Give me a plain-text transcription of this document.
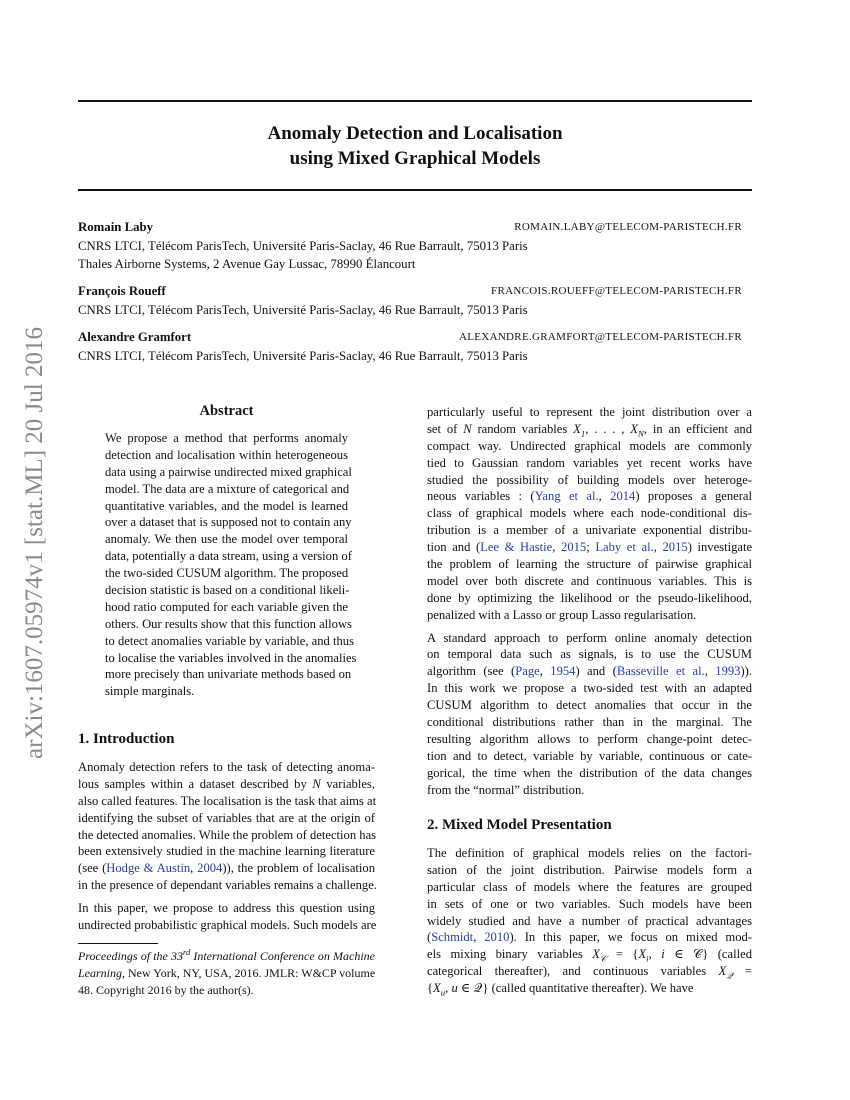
arXiv:1607.05974v1 [stat.ML] 20 Jul 2016
Anomaly Detection and Localisation
using Mixed Graphical Models
Romain Laby	ROMAIN.LABY@TELECOM-PARISTECH.FR
CNRS LTCI, Télécom ParisTech, Université Paris-Saclay, 46 Rue Barrault, 75013 Paris
Thales Airborne Systems, 2 Avenue Gay Lussac, 78990 Élancourt
François Roueff	FRANCOIS.ROUEFF@TELECOM-PARISTECH.FR
CNRS LTCI, Télécom ParisTech, Université Paris-Saclay, 46 Rue Barrault, 75013 Paris
Alexandre Gramfort	ALEXANDRE.GRAMFORT@TELECOM-PARISTECH.FR
CNRS LTCI, Télécom ParisTech, Université Paris-Saclay, 46 Rue Barrault, 75013 Paris
Abstract
We propose a method that performs anomaly
detection and localisation within heterogeneous
data using a pairwise undirected mixed graphical
model. The data are a mixture of categorical and
quantitative variables, and the model is learned
over a dataset that is supposed not to contain any
anomaly. We then use the model over temporal
data, potentially a data stream, using a version of
the two-sided CUSUM algorithm. The proposed
decision statistic is based on a conditional likeli-
hood ratio computed for each variable given the
others. Our results show that this function allows
to detect anomalies variable by variable, and thus
to localise the variables involved in the anomalies
more precisely than univariate methods based on
simple marginals.
1. Introduction
Anomaly detection refers to the task of detecting anoma-
lous samples within a dataset described by N variables,
also called features. The localisation is the task that aims at
identifying the subset of variables that are at the origin of
the detected anomalies. While the problem of detection has
been extensively studied in the machine learning literature
(see (Hodge & Austin, 2004)), the problem of localisation
in the presence of dependant variables remains a challenge.
In this paper, we propose to address this question using
undirected probabilistic graphical models. Such models are
Proceedings of the 33rd International Conference on Machine
Learning, New York, NY, USA, 2016. JMLR: W&CP volume
48. Copyright 2016 by the author(s).
particularly useful to represent the joint distribution over a
set of N random variables $X_1$, . . . , $X_N$, in an efficient and
compact way. Undirected graphical models are commonly
tied to Gaussian random variables yet recent works have
studied the possibility of building models over heteroge-
neous variables : (Yang et al., 2014) proposes a general
class of graphical models where each node-conditional dis-
tribution is a member of a univariate exponential distribu-
tion and (Lee & Hastie, 2015; Laby et al., 2015) investigate
the problem of learning the structure of pairwise graphical
model over both discrete and continuous variables. This is
done by optimizing the likelihood or the pseudo-likelihood,
penalized with a Lasso or group Lasso regularisation.
A standard approach to perform online anomaly detection
on temporal data such as signals, is to use the CUSUM
algorithm (see (Page, 1954) and (Basseville et al., 1993)).
In this work we propose a two-sided test with an adapted
CUSUM algorithm to detect anomalies that occur in the
conditional distributions rather than in the marginal. The
resulting algorithm allows to perform change-point detec-
tion and to detect, variable by variable, continuous or cate-
gorical, the time when the distribution of the data changes
from the “normal” distribution.
2. Mixed Model Presentation
The definition of graphical models relies on the factori-
sation of the joint distribution. Pairwise models form a
particular class of models where the features are grouped
in sets of one or two variables. Such models have been
widely studied and have a number of practical advantages
(Schmidt, 2010). In this paper, we focus on mixed mod-
els mixing binary variables $X_𝒞 = \{X_i$, i ∈ 𝒞} (called
categorical thereafter), and continuous variables $X_𝒬$ =
{$X_u$, u ∈ 𝒬} (called quantitative thereafter). We have
